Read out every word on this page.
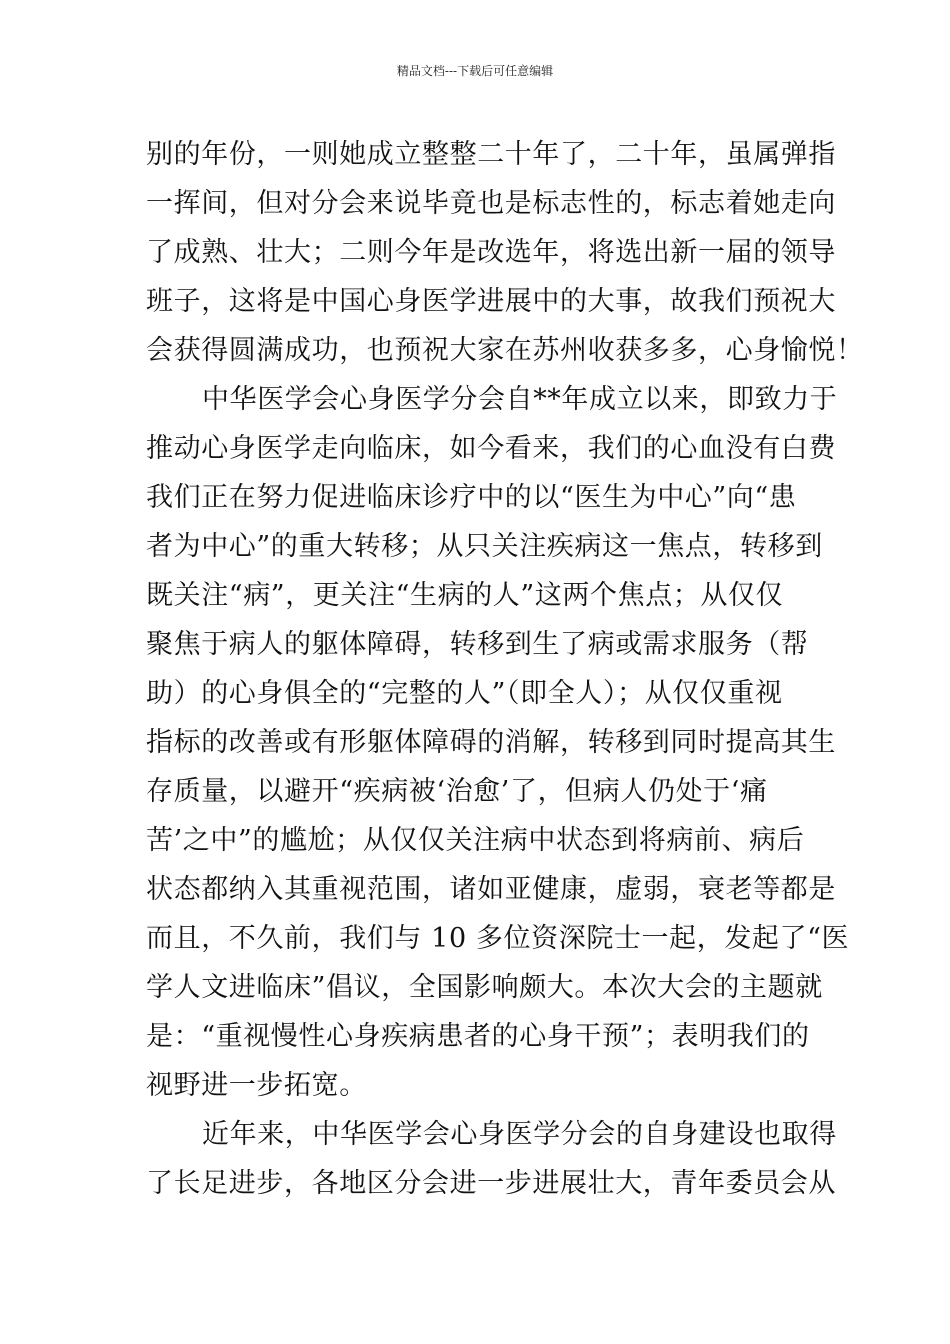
精品文档---下载后可任意编辑
别的年份，一则她成立整整二十年了，二十年，虽属弹指
一挥间，但对分会来说毕竟也是标志性的，标志着她走向
了成熟、壮大；二则今年是改选年，将选出新一届的领导
班子，这将是中国心身医学进展中的大事，故我们预祝大
会获得圆满成功，也预祝大家在苏州收获多多，心身愉悦！
中华医学会心身医学分会自**年成立以来，即致力于
推动心身医学走向临床，如今看来，我们的心血没有白费
我们正在努力促进临床诊疗中的以“医生为中心”向“患
者为中心”的重大转移；从只关注疾病这一焦点，转移到
既关注“病”，更关注“生病的人”这两个焦点；从仅仅
聚焦于病人的躯体障碍，转移到生了病或需求服务（帮
助）的心身俱全的“完整的人”（即全人）；从仅仅重视
指标的改善或有形躯体障碍的消解，转移到同时提高其生
存质量，以避开“疾病被‘治愈’了，但病人仍处于‘痛
苦’之中”的尴尬；从仅仅关注病中状态到将病前、病后
状态都纳入其重视范围，诸如亚健康，虚弱，衰老等都是
而且，不久前，我们与 10 多位资深院士一起，发起了“医
学人文进临床”倡议，全国影响颇大。本次大会的主题就
是：“重视慢性心身疾病患者的心身干预”；表明我们的
视野进一步拓宽。
近年来，中华医学会心身医学分会的自身建设也取得
了长足进步，各地区分会进一步进展壮大，青年委员会从
